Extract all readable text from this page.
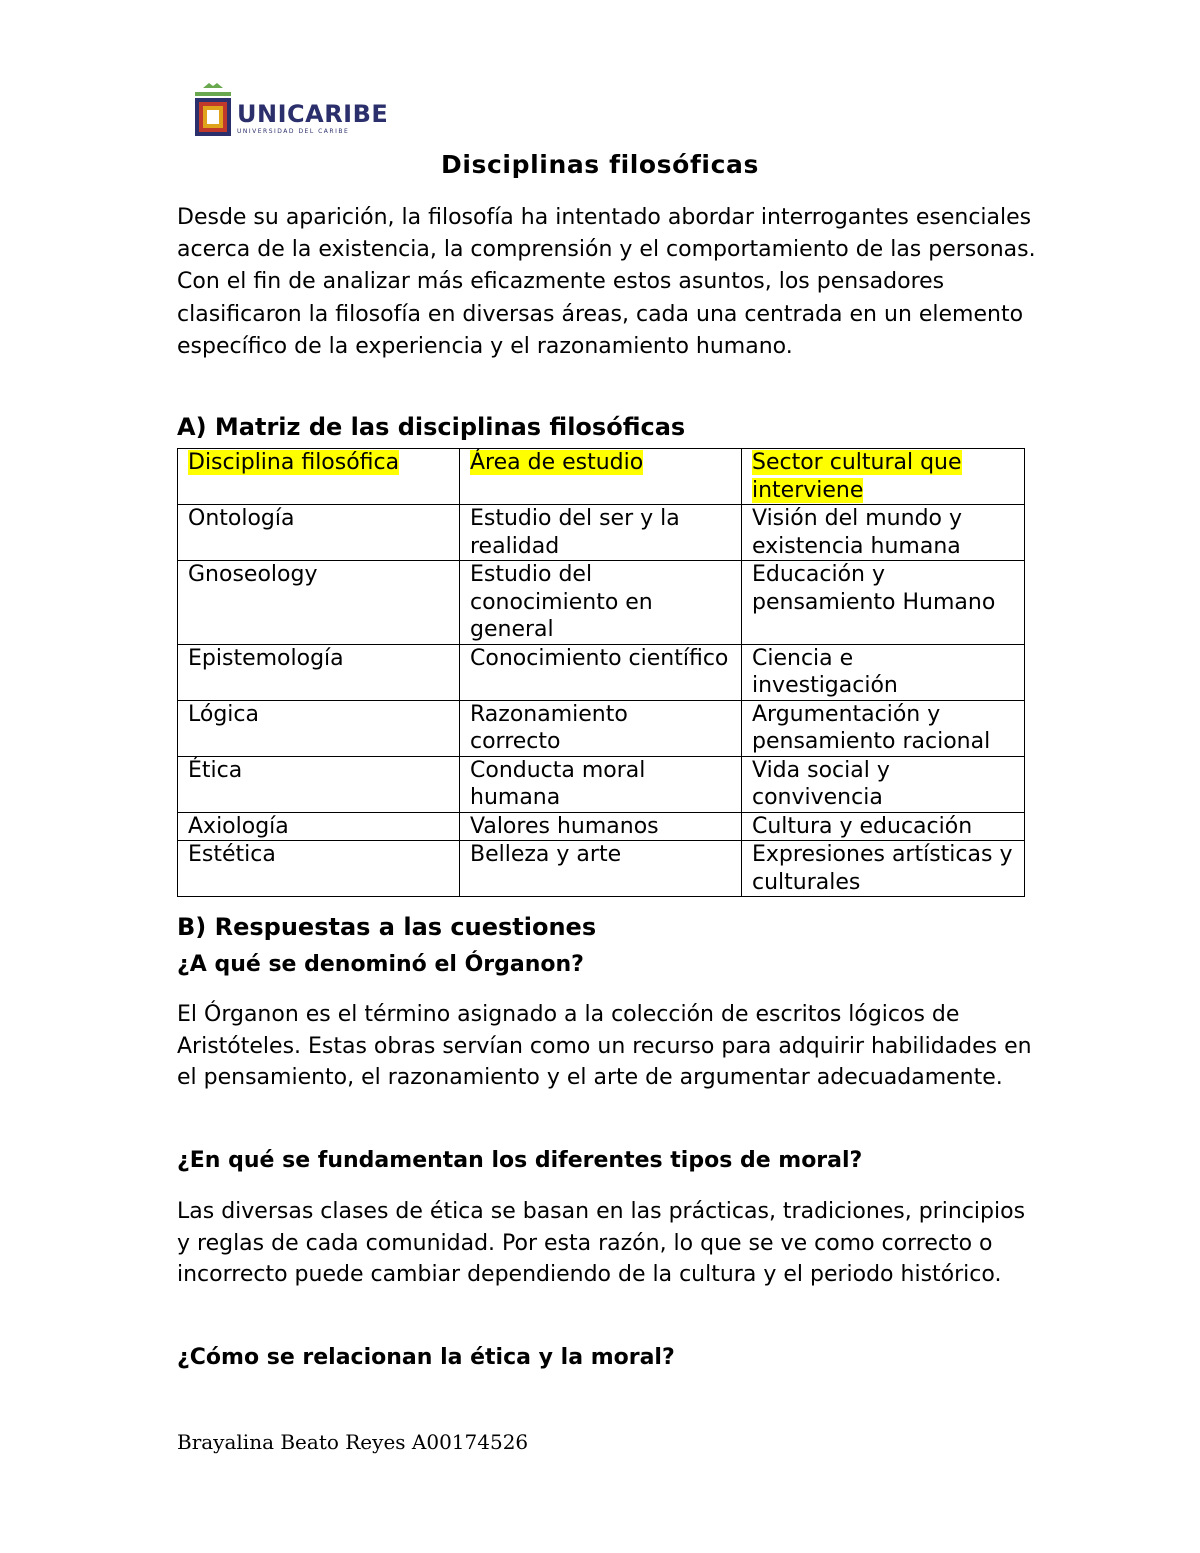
UNICARIBE
UNIVERSIDAD DEL CARIBE
Disciplinas filosóficas
Desde su aparición, la filosofía ha intentado abordar interrogantes esenciales acerca de la existencia, la comprensión y el comportamiento de las personas. Con el fin de analizar más eficazmente estos asuntos, los pensadores clasificaron la filosofía en diversas áreas, cada una centrada en un elemento específico de la experiencia y el razonamiento humano.
A) Matriz de las disciplinas filosóficas
Disciplina filosófica	Área de estudio	Sector cultural que interviene
Ontología	Estudio del ser y la realidad	Visión del mundo y existencia humana
Gnoseology	Estudio del conocimiento en general	Educación y pensamiento Humano
Epistemología	Conocimiento científico	Ciencia e investigación
Lógica	Razonamiento correcto	Argumentación y pensamiento racional
Ética	Conducta moral humana	Vida social y convivencia
Axiología	Valores humanos	Cultura y educación
Estética	Belleza y arte	Expresiones artísticas y culturales
B) Respuestas a las cuestiones
¿A qué se denominó el Órganon?
El Órganon es el término asignado a la colección de escritos lógicos de Aristóteles. Estas obras servían como un recurso para adquirir habilidades en el pensamiento, el razonamiento y el arte de argumentar adecuadamente.
¿En qué se fundamentan los diferentes tipos de moral?
Las diversas clases de ética se basan en las prácticas, tradiciones, principios y reglas de cada comunidad. Por esta razón, lo que se ve como correcto o incorrecto puede cambiar dependiendo de la cultura y el periodo histórico.
¿Cómo se relacionan la ética y la moral?
Brayalina Beato Reyes A00174526
